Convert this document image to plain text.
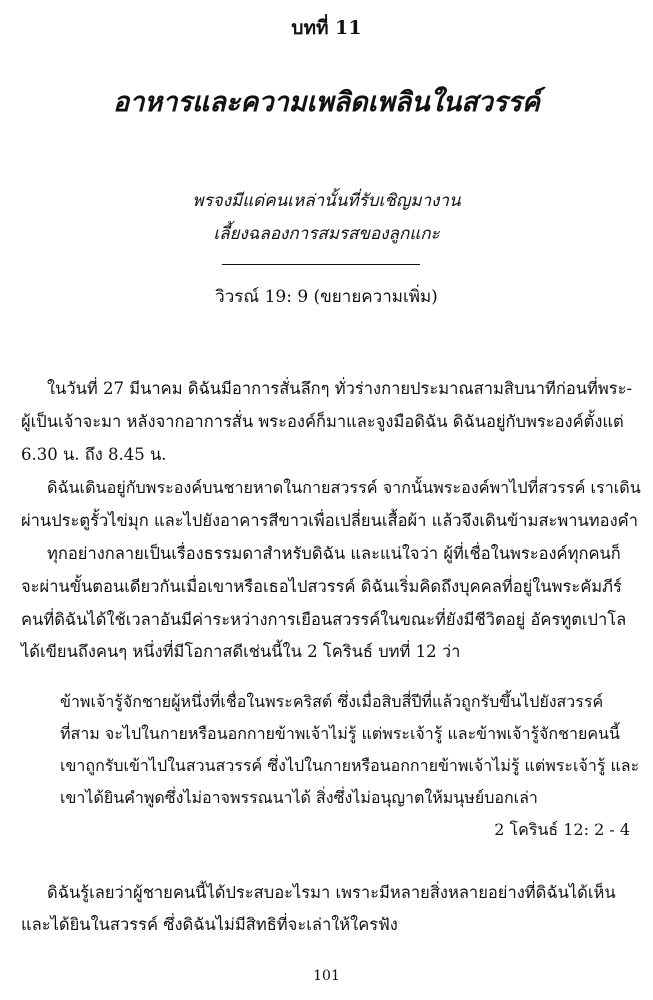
บทที่ 11
อาหารและความเพลิดเพลินในสวรรค์
พรจงมีแด่คนเหล่านั้นที่รับเชิญมางาน
เลี้ยงฉลองการสมรสของลูกแกะ
วิวรณ์ 19: 9 (ขยายความเพิ่ม)
ในวันที่ 27 มีนาคม ดิฉันมีอาการสั่นลึกๆ ทั่วร่างกายประมาณสามสิบนาทีก่อนที่พระ-
ผู้เป็นเจ้าจะมา หลังจากอาการสั่น พระองค์ก็มาและจูงมือดิฉัน ดิฉันอยู่กับพระองค์ตั้งแต่
6.30 น. ถึง 8.45 น.
ดิฉันเดินอยู่กับพระองค์บนชายหาดในกายสวรรค์ จากนั้นพระองค์พาไปที่สวรรค์ เราเดิน
ผ่านประตูรั้วไข่มุก และไปยังอาคารสีขาวเพื่อเปลี่ยนเสื้อผ้า แล้วจึงเดินข้ามสะพานทองคำ
ทุกอย่างกลายเป็นเรื่องธรรมดาสำหรับดิฉัน และแน่ใจว่า ผู้ที่เชื่อในพระองค์ทุกคนก็
จะผ่านขั้นตอนเดียวกันเมื่อเขาหรือเธอไปสวรรค์ ดิฉันเริ่มคิดถึงบุคคลที่อยู่ในพระคัมภีร์
คนที่ดิฉันได้ใช้เวลาอันมีค่าระหว่างการเยือนสวรรค์ในขณะที่ยังมีชีวิตอยู่ อัครทูตเปาโล
ได้เขียนถึงคนๆ หนึ่งที่มีโอกาสดีเช่นนี้ใน 2 โครินธ์ บทที่ 12 ว่า
ข้าพเจ้ารู้จักชายผู้หนึ่งที่เชื่อในพระคริสต์ ซึ่งเมื่อสิบสี่ปีที่แล้วถูกรับขึ้นไปยังสวรรค์
ที่สาม จะไปในกายหรือนอกกายข้าพเจ้าไม่รู้ แต่พระเจ้ารู้ และข้าพเจ้ารู้จักชายคนนี้
เขาถูกรับเข้าไปในสวนสวรรค์ ซึ่งไปในกายหรือนอกกายข้าพเจ้าไม่รู้ แต่พระเจ้ารู้ และ
เขาได้ยินคำพูดซึ่งไม่อาจพรรณนาได้ สิ่งซึ่งไม่อนุญาตให้มนุษย์บอกเล่า
2 โครินธ์ 12: 2 - 4
ดิฉันรู้เลยว่าผู้ชายคนนี้ได้ประสบอะไรมา เพราะมีหลายสิ่งหลายอย่างที่ดิฉันได้เห็น
และได้ยินในสวรรค์ ซึ่งดิฉันไม่มีสิทธิที่จะเล่าให้ใครฟัง
101
